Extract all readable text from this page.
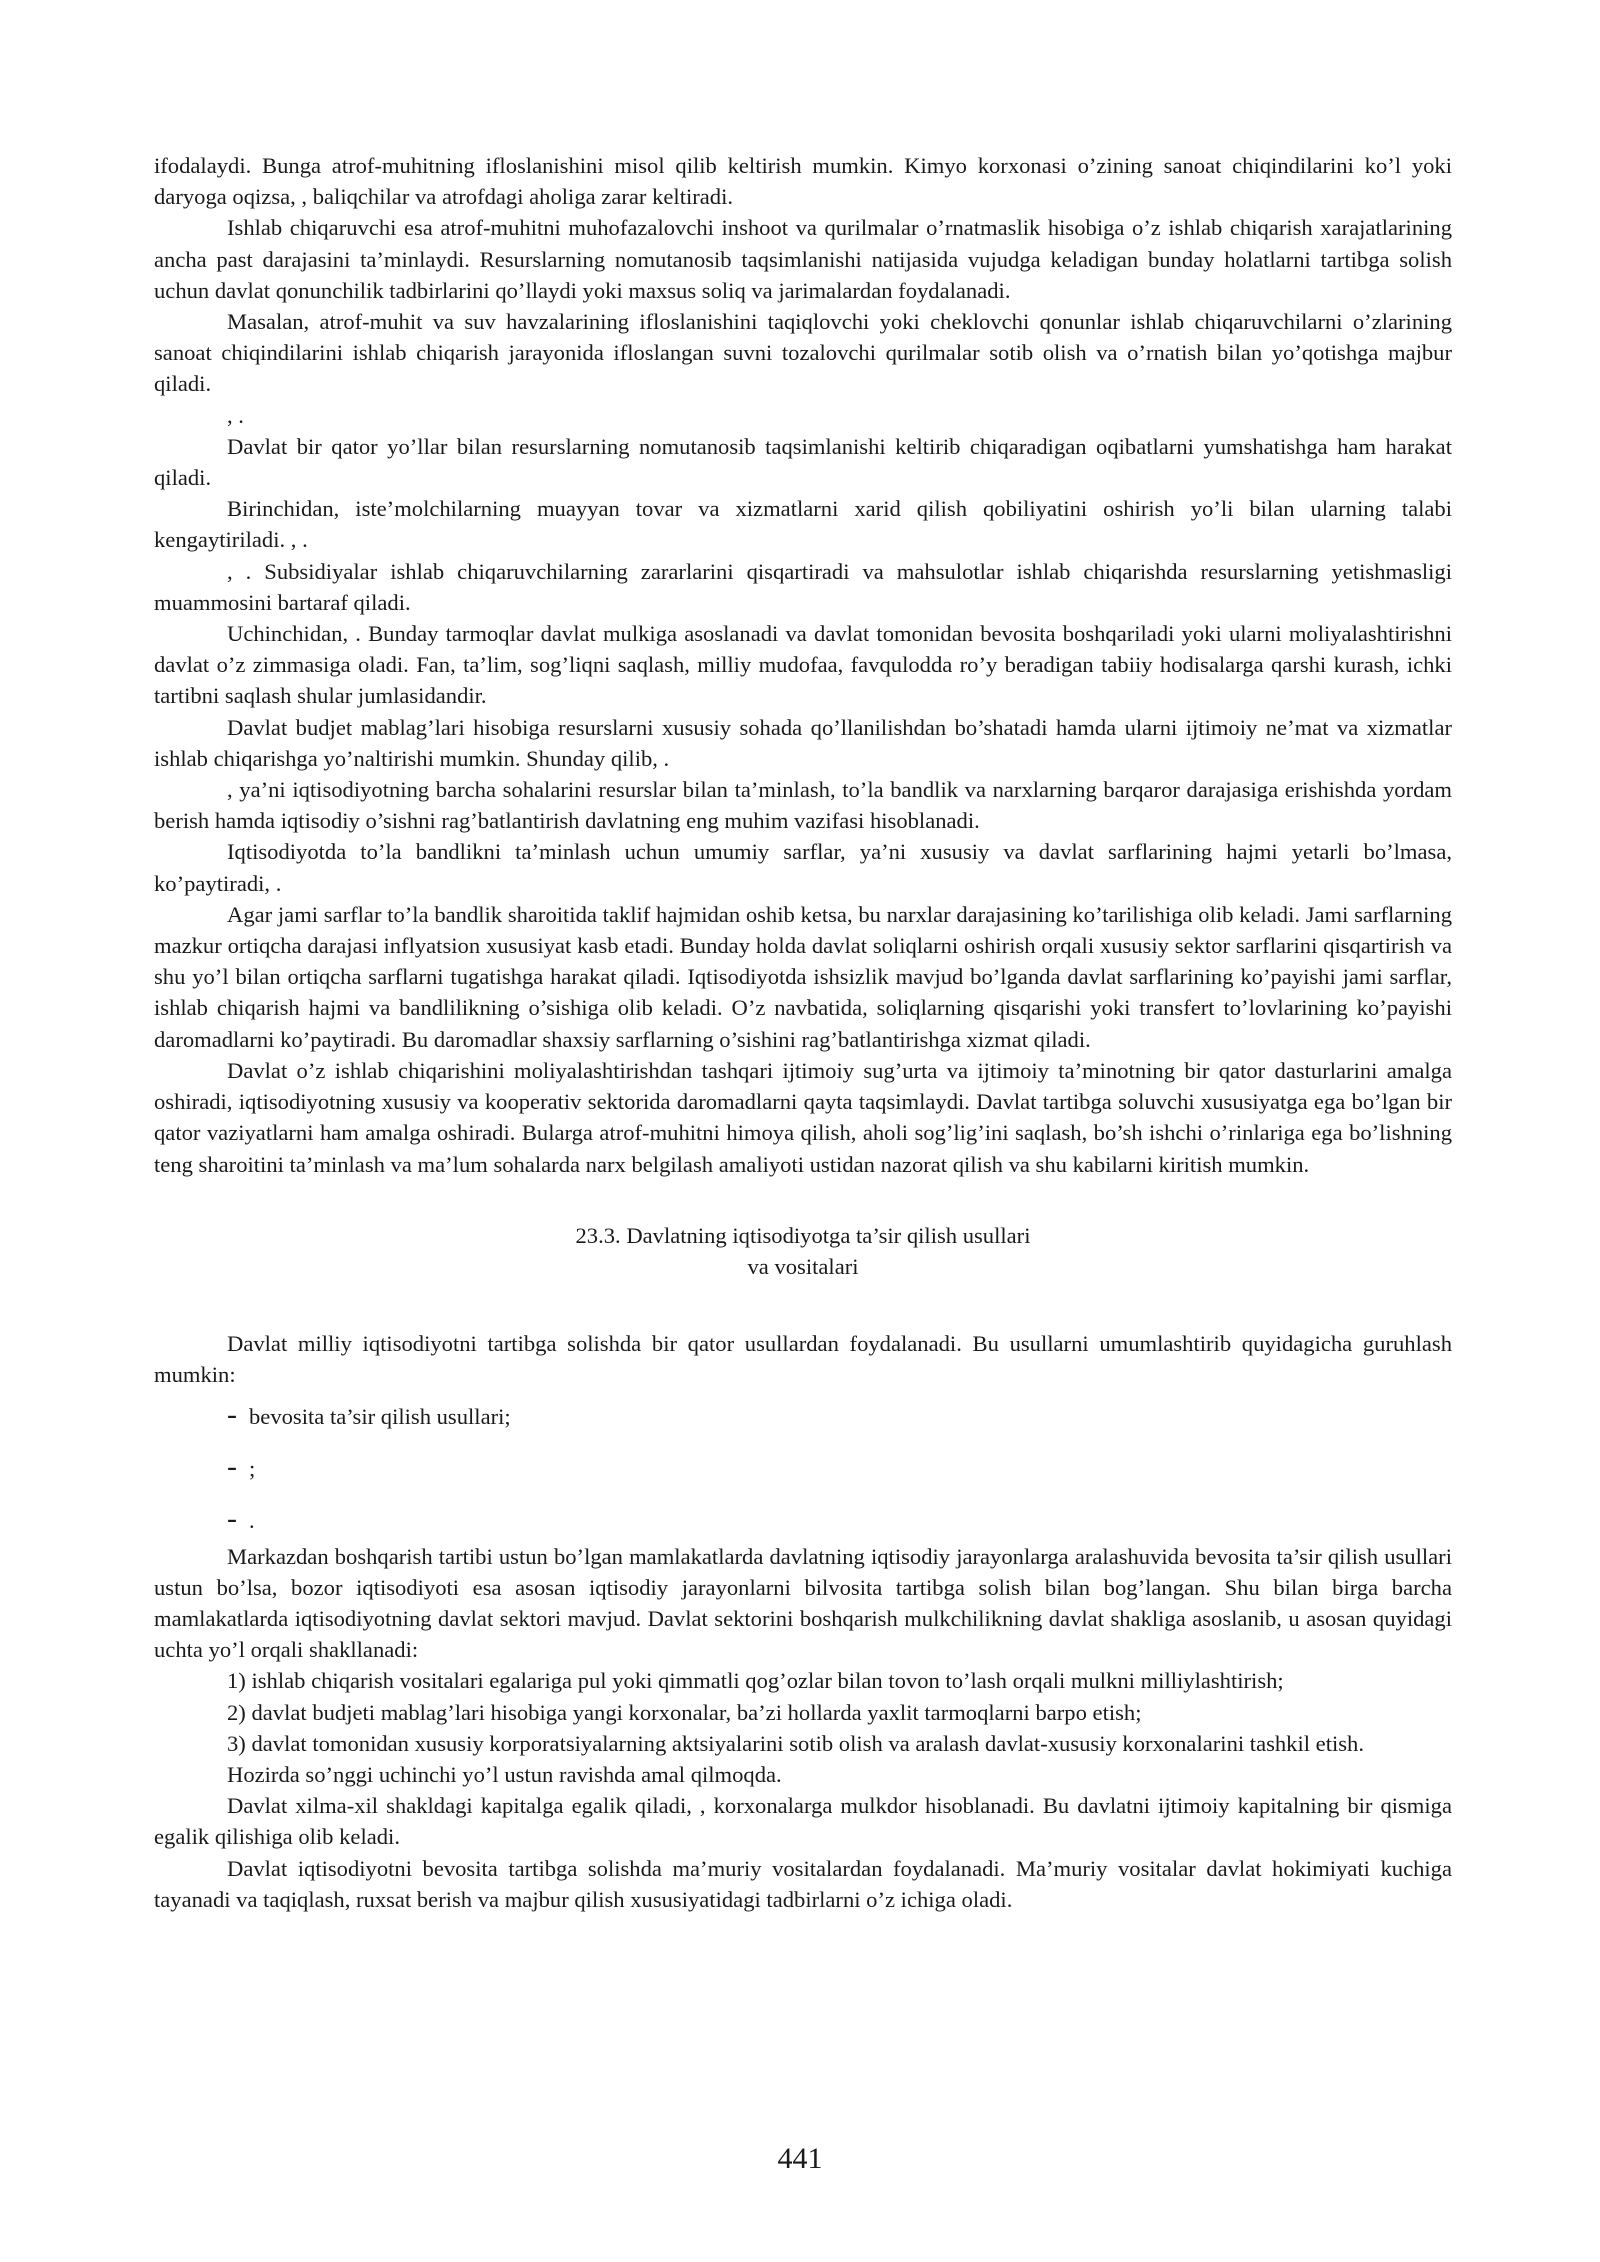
ifodalaydi. Bunga atrof-muhitning ifloslanishini misol qilib keltirish mumkin. Kimyo korxonasi o’zining sanoat chiqindilarini ko’l yoki daryoga oqizsa, , baliqchilar va atrofdagi aholiga zarar keltiradi.

Ishlab chiqaruvchi esa atrof-muhitni muhofazalovchi inshoot va qurilmalar o’rnatmaslik hisobiga o’z ishlab chiqarish xarajatlarining ancha past darajasini ta’minlaydi. Resurslarning nomutanosib taqsimlanishi natijasida vujudga keladigan bunday holatlarni tartibga solish uchun davlat qonunchilik tadbirlarini qo’llaydi yoki maxsus soliq va jarimalardan foydalanadi.

Masalan, atrof-muhit va suv havzalarining ifloslanishini taqiqlovchi yoki cheklovchi qonunlar ishlab chiqaruvchilarni o’zlarining sanoat chiqindilarini ishlab chiqarish jarayonida ifloslangan suvni tozalovchi qurilmalar sotib olish va o’rnatish bilan yo’qotishga majbur qiladi.

, .

Davlat bir qator yo’llar bilan resurslarning nomutanosib taqsimlanishi keltirib chiqaradigan oqibatlarni yumshatishga ham harakat qiladi.

Birinchidan, iste’molchilarning muayyan tovar va xizmatlarni xarid qilish qobiliyatini oshirish yo’li bilan ularning talabi kengaytiriladi. , .

, . Subsidiyalar ishlab chiqaruvchilarning zararlarini qisqartiradi va mahsulotlar ishlab chiqarishda resurslarning yetishmasligi muammosini bartaraf qiladi.

Uchinchidan, . Bunday tarmoqlar davlat mulkiga asoslanadi va davlat tomonidan bevosita boshqariladi yoki ularni moliyalashtirishni davlat o’z zimmasiga oladi. Fan, ta’lim, sog’liqni saqlash, milliy mudofaa, favqulodda ro’y beradigan tabiiy hodisalarga qarshi kurash, ichki tartibni saqlash shular jumlasidandir.

Davlat budjet mablag’lari hisobiga resurslarni xususiy sohada qo’llanilishdan bo’shatadi hamda ularni ijtimoiy ne’mat va xizmatlar ishlab chiqarishga yo’naltirishi mumkin. Shunday qilib, .

, ya’ni iqtisodiyotning barcha sohalarini resurslar bilan ta’minlash, to’la bandlik va narxlarning barqaror darajasiga erishishda yordam berish hamda iqtisodiy o’sishni rag’batlantirish davlatning eng muhim vazifasi hisoblanadi.

Iqtisodiyotda to’la bandlikni ta’minlash uchun umumiy sarflar, ya’ni xususiy va davlat sarflarining hajmi yetarli bo’lmasa, ko’paytiradi, .

Agar jami sarflar to’la bandlik sharoitida taklif hajmidan oshib ketsa, bu narxlar darajasining ko’tarilishiga olib keladi. Jami sarflarning mazkur ortiqcha darajasi inflyatsion xususiyat kasb etadi. Bunday holda davlat soliqlarni oshirish orqali xususiy sektor sarflarini qisqartirish va shu yo’l bilan ortiqcha sarflarni tugatishga harakat qiladi. Iqtisodiyotda ishsizlik mavjud bo’lganda davlat sarflarining ko’payishi jami sarflar, ishlab chiqarish hajmi va bandlilikning o’sishiga olib keladi. O’z navbatida, soliqlarning qisqarishi yoki transfert to’lovlarining ko’payishi daromadlarni ko’paytiradi. Bu daromadlar shaxsiy sarflarning o’sishini rag’batlantirishga xizmat qiladi.

Davlat o’z ishlab chiqarishini moliyalashtirishdan tashqari ijtimoiy sug’urta va ijtimoiy ta’minotning bir qator dasturlarini amalga oshiradi, iqtisodiyotning xususiy va kooperativ sektorida daromadlarni qayta taqsimlaydi. Davlat tartibga soluvchi xususiyatga ega bo’lgan bir qator vaziyatlarni ham amalga oshiradi. Bularga atrof-muhitni himoya qilish, aholi sog’lig’ini saqlash, bo’sh ishchi o’rinlariga ega bo’lishning teng sharoitini ta’minlash va ma’lum sohalarda narx belgilash amaliyoti ustidan nazorat qilish va shu kabilarni kiritish mumkin.

23.3. Davlatning iqtisodiyotga ta’sir qilish usullari
va vositalari

Davlat milliy iqtisodiyotni tartibga solishda bir qator usullardan foydalanadi. Bu usullarni umumlashtirib quyidagicha guruhlash mumkin:

- bevosita ta’sir qilish usullari;
- ;
- .

Markazdan boshqarish tartibi ustun bo’lgan mamlakatlarda davlatning iqtisodiy jarayonlarga aralashuvida bevosita ta’sir qilish usullari ustun bo’lsa, bozor iqtisodiyoti esa asosan iqtisodiy jarayonlarni bilvosita tartibga solish bilan bog’langan. Shu bilan birga barcha mamlakatlarda iqtisodiyotning davlat sektori mavjud. Davlat sektorini boshqarish mulkchilikning davlat shakliga asoslanib, u asosan quyidagi uchta yo’l orqali shakllanadi:

1) ishlab chiqarish vositalari egalariga pul yoki qimmatli qog’ozlar bilan tovon to’lash orqali mulkni milliylashtirish;

2) davlat budjeti mablag’lari hisobiga yangi korxonalar, ba’zi hollarda yaxlit tarmoqlarni barpo etish;

3) davlat tomonidan xususiy korporatsiyalarning aktsiyalarini sotib olish va aralash davlat-xususiy korxonalarini tashkil etish.

Hozirda so’nggi uchinchi yo’l ustun ravishda amal qilmoqda.

Davlat xilma-xil shakldagi kapitalga egalik qiladi, , korxonalarga mulkdor hisoblanadi. Bu davlatni ijtimoiy kapitalning bir qismiga egalik qilishiga olib keladi.

Davlat iqtisodiyotni bevosita tartibga solishda ma’muriy vositalardan foydalanadi. Ma’muriy vositalar davlat hokimiyati kuchiga tayanadi va taqiqlash, ruxsat berish va majbur qilish xususiyatidagi tadbirlarni o’z ichiga oladi.

441
